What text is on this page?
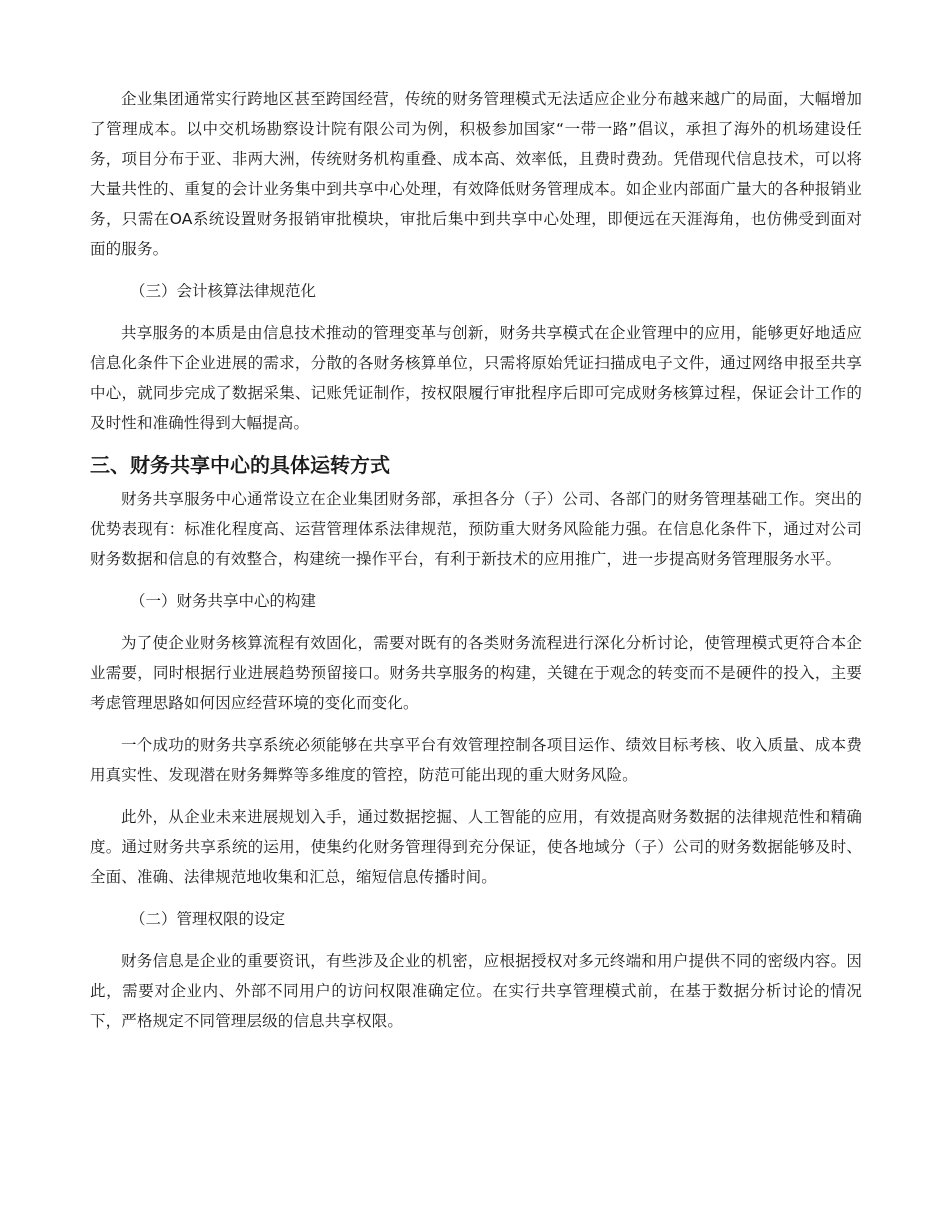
企业集团通常实行跨地区甚至跨国经营，传统的财务管理模式无法适应企业分布越来越广的局面，大幅增加了管理成本。以中交机场勘察设计院有限公司为例，积极参加国家“一带一路”倡议，承担了海外的机场建设任务，项目分布于亚、非两大洲，传统财务机构重叠、成本高、效率低，且费时费劲。凭借现代信息技术，可以将大量共性的、重复的会计业务集中到共享中心处理，有效降低财务管理成本。如企业内部面广量大的各种报销业务，只需在OA系统设置财务报销审批模块，审批后集中到共享中心处理，即便远在天涯海角，也仿佛受到面对面的服务。

（三）会计核算法律规范化

共享服务的本质是由信息技术推动的管理变革与创新，财务共享模式在企业管理中的应用，能够更好地适应信息化条件下企业进展的需求，分散的各财务核算单位，只需将原始凭证扫描成电子文件，通过网络申报至共享中心，就同步完成了数据采集、记账凭证制作，按权限履行审批程序后即可完成财务核算过程，保证会计工作的及时性和准确性得到大幅提高。

三、财务共享中心的具体运转方式

财务共享服务中心通常设立在企业集团财务部，承担各分（子）公司、各部门的财务管理基础工作。突出的优势表现有：标准化程度高、运营管理体系法律规范，预防重大财务风险能力强。在信息化条件下，通过对公司财务数据和信息的有效整合，构建统一操作平台，有利于新技术的应用推广，进一步提高财务管理服务水平。

（一）财务共享中心的构建

为了使企业财务核算流程有效固化，需要对既有的各类财务流程进行深化分析讨论，使管理模式更符合本企业需要，同时根据行业进展趋势预留接口。财务共享服务的构建，关键在于观念的转变而不是硬件的投入，主要考虑管理思路如何因应经营环境的变化而变化。

一个成功的财务共享系统必须能够在共享平台有效管理控制各项目运作、绩效目标考核、收入质量、成本费用真实性、发现潜在财务舞弊等多维度的管控，防范可能出现的重大财务风险。

此外，从企业未来进展规划入手，通过数据挖掘、人工智能的应用，有效提高财务数据的法律规范性和精确度。通过财务共享系统的运用，使集约化财务管理得到充分保证，使各地域分（子）公司的财务数据能够及时、全面、准确、法律规范地收集和汇总，缩短信息传播时间。

（二）管理权限的设定

财务信息是企业的重要资讯，有些涉及企业的机密，应根据授权对多元终端和用户提供不同的密级内容。因此，需要对企业内、外部不同用户的访问权限准确定位。在实行共享管理模式前，在基于数据分析讨论的情况下，严格规定不同管理层级的信息共享权限。
